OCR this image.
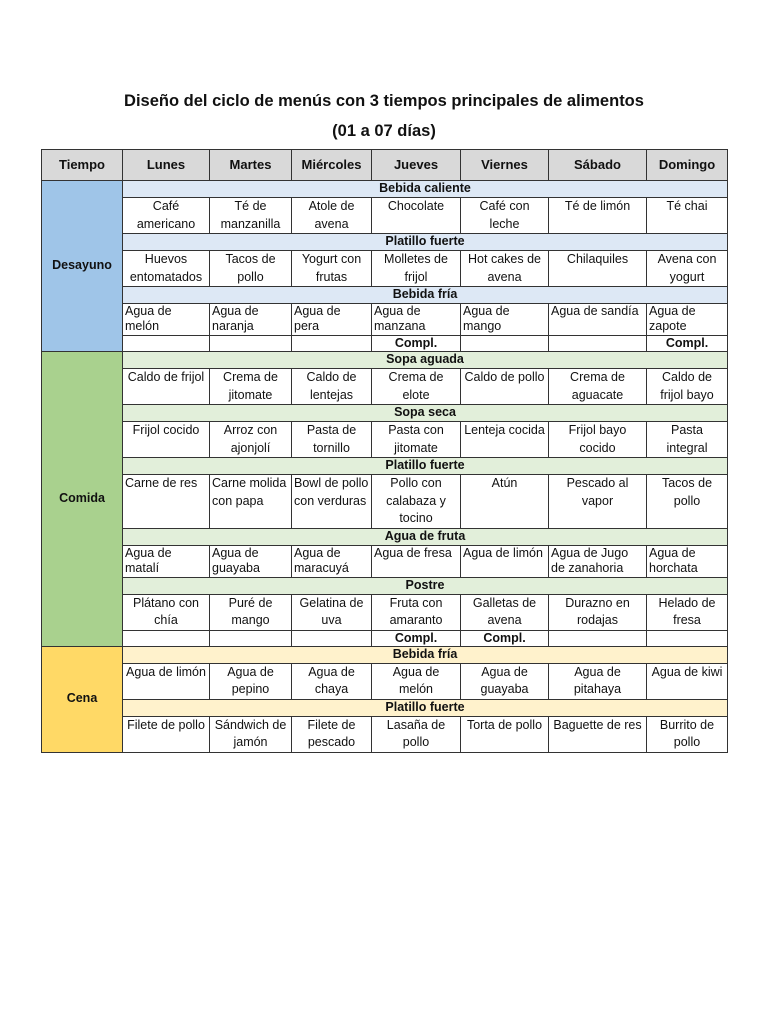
Diseño del ciclo de menús con 3 tiempos principales de alimentos
(01 a 07 días)
Tiempo	Lunes	Martes	Miércoles	Jueves	Viernes	Sábado	Domingo
Desayuno	Bebida caliente						
	Café americano	Té de manzanilla	Atole de avena	Chocolate	Café con leche	Té de limón	Té chai
	Platillo fuerte						
	Huevos entomatados	Tacos de pollo	Yogurt con frutas	Molletes de frijol	Hot cakes de avena	Chilaquiles	Avena con yogurt
	Bebida fría						
	Agua de melón	Agua de naranja	Agua de pera	Agua de manzana	Agua de mango	Agua de sandía	Agua de zapote
				Compl.			Compl.
Comida	Sopa aguada						
	Caldo de frijol	Crema de jitomate	Caldo de lentejas	Crema de elote	Caldo de pollo	Crema de aguacate	Caldo de frijol bayo
	Sopa seca						
	Frijol cocido	Arroz con ajonjolí	Pasta de tornillo	Pasta con jitomate	Lenteja cocida	Frijol bayo cocido	Pasta integral
	Platillo fuerte						
	Carne de res	Carne molida con papa	Bowl de pollo con verduras	Pollo con calabaza y tocino	Atún	Pescado al vapor	Tacos de pollo
	Agua de fruta						
	Agua de matalí	Agua de guayaba	Agua de maracuyá	Agua de fresa	Agua de limón	Agua de Jugo de zanahoria	Agua de horchata
	Postre						
	Plátano con chía	Puré de mango	Gelatina de uva	Fruta con amaranto	Galletas de avena	Durazno en rodajas	Helado de fresa
				Compl.	Compl.		
Cena	Bebida fría						
	Agua de limón	Agua de pepino	Agua de chaya	Agua de melón	Agua de guayaba	Agua de pitahaya	Agua de kiwi
	Platillo fuerte						
	Filete de pollo	Sándwich de jamón	Filete de pescado	Lasaña de pollo	Torta de pollo	Baguette de res	Burrito de pollo
